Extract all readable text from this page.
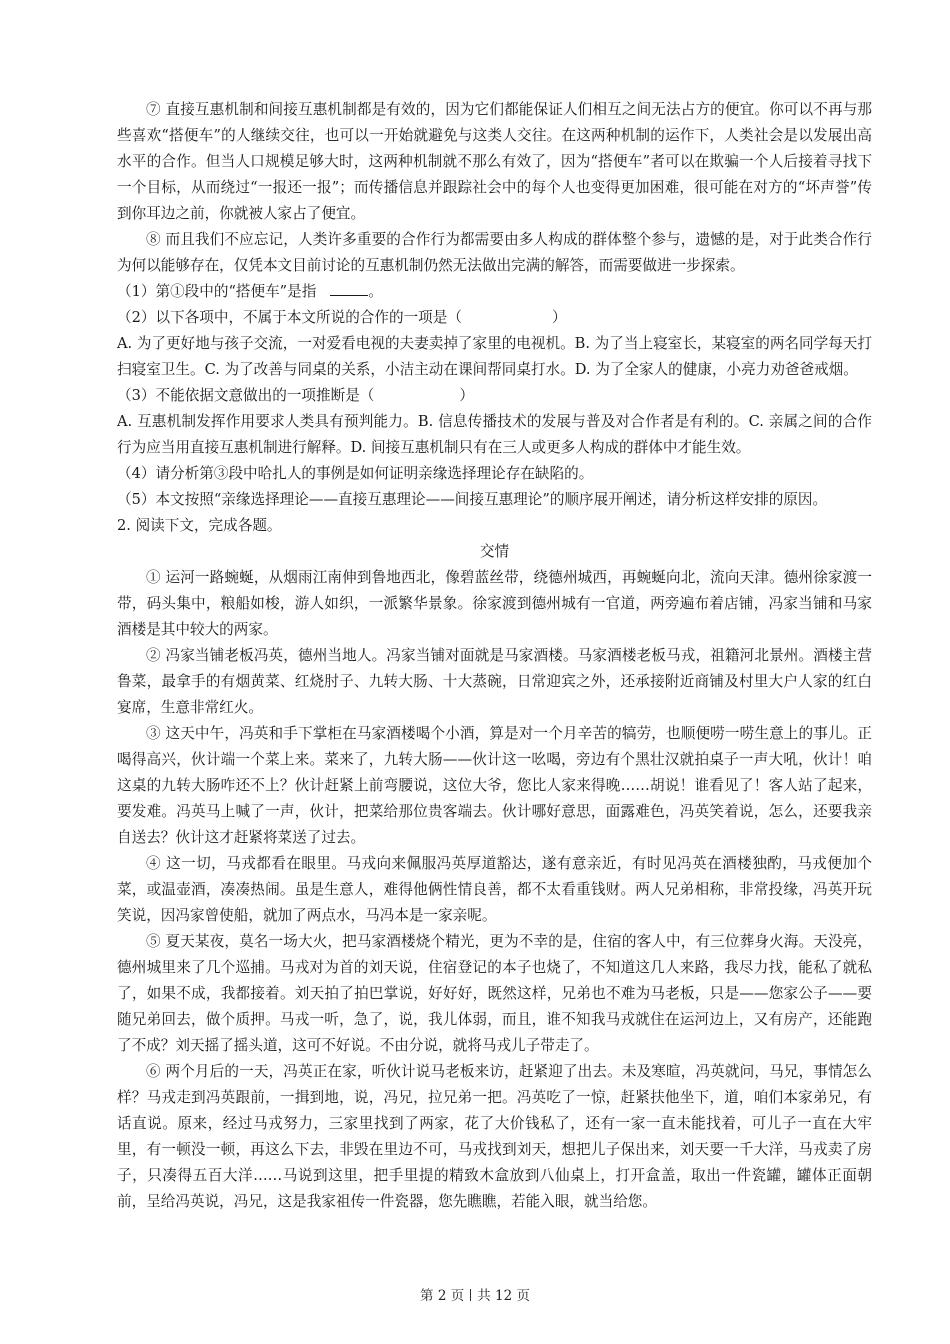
⑦ 直接互惠机制和间接互惠机制都是有效的，因为它们都能保证人们相互之间无法占方的便宜。你可以不再与那些喜欢“搭便车”的人继续交往，也可以一开始就避免与这类人交往。在这两种机制的运作下，人类社会是以发展出高水平的合作。但当人口规模足够大时，这两种机制就不那么有效了，因为“搭便车”者可以在欺骗一个人后接着寻找下一个目标，从而绕过“一报还一报”；而传播信息并跟踪社会中的每个人也变得更加困难，很可能在对方的“坏声誉”传到你耳边之前，你就被人家占了便宜。

⑧ 而且我们不应忘记，人类许多重要的合作行为都需要由多人构成的群体整个参与，遗憾的是，对于此类合作行为何以能够存在，仅凭本文目前讨论的互惠机制仍然无法做出完满的解答，而需要做进一步探索。

（1）第①段中的“搭便车”是指	。

（2）以下各项中，不属于本文所说的合作的一项是（	）

A. 为了更好地与孩子交流，一对爱看电视的夫妻卖掉了家里的电视机。B. 为了当上寝室长，某寝室的两名同学每天打扫寝室卫生。C. 为了改善与同桌的关系，小洁主动在课间帮同桌打水。D. 为了全家人的健康，小亮力劝爸爸戒烟。

（3）不能依据文意做出的一项推断是（	）

A. 互惠机制发挥作用要求人类具有预判能力。B. 信息传播技术的发展与普及对合作者是有利的。C. 亲属之间的合作行为应当用直接互惠机制进行解释。D. 间接互惠机制只有在三人或更多人构成的群体中才能生效。

（4）请分析第③段中哈扎人的事例是如何证明亲缘选择理论存在缺陷的。

（5）本文按照“亲缘选择理论——直接互惠理论——间接互惠理论”的顺序展开阐述，请分析这样安排的原因。

2. 阅读下文，完成各题。

交情

① 运河一路蜿蜒，从烟雨江南伸到鲁地西北，像碧蓝丝带，绕德州城西，再蜿蜒向北，流向天津。德州徐家渡一带，码头集中，粮船如梭，游人如织，一派繁华景象。徐家渡到德州城有一官道，两旁遍布着店铺，冯家当铺和马家酒楼是其中较大的两家。

② 冯家当铺老板冯英，德州当地人。冯家当铺对面就是马家酒楼。马家酒楼老板马戎，祖籍河北景州。酒楼主营鲁菜，最拿手的有烟黄菜、红烧肘子、九转大肠、十大蒸碗，日常迎宾之外，还承接附近商铺及村里大户人家的红白宴席，生意非常红火。

③ 这天中午，冯英和手下掌柜在马家酒楼喝个小酒，算是对一个月辛苦的犒劳，也顺便唠一唠生意上的事儿。正喝得高兴，伙计端一个菜上来。菜来了，九转大肠——伙计这一吆喝，旁边有个黑壮汉就拍桌子一声大吼，伙计！咱这桌的九转大肠咋还不上？伙计赶紧上前弯腰说，这位大爷，您比人家来得晚……胡说！谁看见了！客人站了起来，要发难。冯英马上喊了一声，伙计，把菜给那位贵客端去。伙计哪好意思，面露难色，冯英笑着说，怎么，还要我亲自送去？伙计这才赶紧将菜送了过去。

④ 这一切，马戎都看在眼里。马戎向来佩服冯英厚道豁达，遂有意亲近，有时见冯英在酒楼独酌，马戎便加个菜，或温壶酒，凑凑热闹。虽是生意人，难得他俩性情良善，都不太看重钱财。两人兄弟相称，非常投缘，冯英开玩笑说，因冯家曾使船，就加了两点水，马冯本是一家亲呢。

⑤ 夏天某夜，莫名一场大火，把马家酒楼烧个精光，更为不幸的是，住宿的客人中，有三位葬身火海。天没亮，德州城里来了几个巡捕。马戎对为首的刘天说，住宿登记的本子也烧了，不知道这几人来路，我尽力找，能私了就私了，如果不成，我都接着。刘天拍了拍巴掌说，好好好，既然这样，兄弟也不难为马老板，只是——您家公子——要随兄弟回去，做个质押。马戎一听，急了，说，我儿体弱，而且，谁不知我马戎就住在运河边上，又有房产，还能跑了不成？刘天摇了摇头道，这可不好说。不由分说，就将马戎儿子带走了。

⑥ 两个月后的一天，冯英正在家，听伙计说马老板来访，赶紧迎了出去。未及寒暄，冯英就问，马兄，事情怎么样？马戎走到冯英跟前，一揖到地，说，冯兄，拉兄弟一把。冯英吃了一惊，赶紧扶他坐下，道，咱们本家弟兄，有话直说。原来，经过马戎努力，三家里找到了两家，花了大价钱私了，还有一家一直未能找着，可儿子一直在大牢里，有一顿没一顿，再这么下去，非毁在里边不可，马戎找到刘天，想把儿子保出来，刘天要一千大洋，马戎卖了房子，只凑得五百大洋……马说到这里，把手里提的精致木盒放到八仙桌上，打开盒盖，取出一件瓷罐，罐体正面朝前，呈给冯英说，冯兄，这是我家祖传一件瓷器，您先瞧瞧，若能入眼，就当给您。

第 2 页 共 12 页
